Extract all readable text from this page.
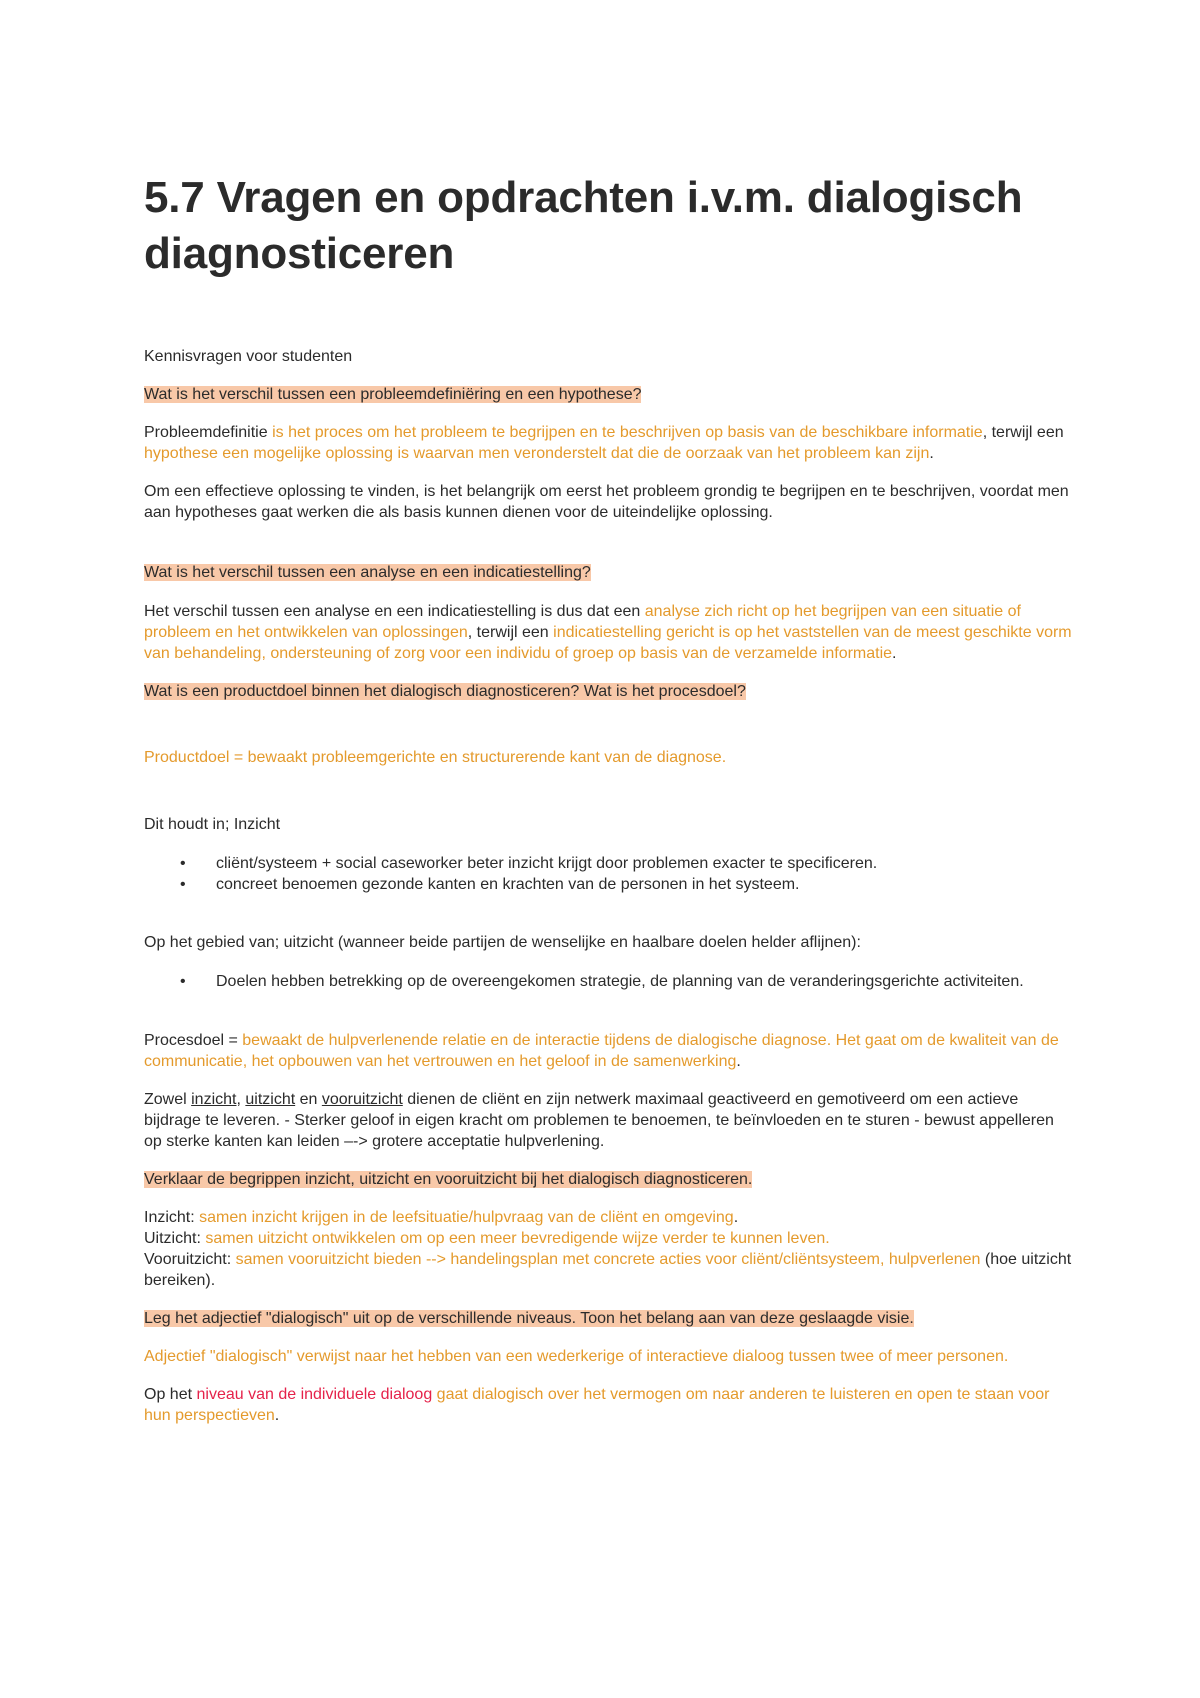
5.7 Vragen en opdrachten i.v.m. dialogisch diagnosticeren

Kennisvragen voor studenten

Wat is het verschil tussen een probleemdefiniëring en een hypothese?

Probleemdefinitie is het proces om het probleem te begrijpen en te beschrijven op basis van de beschikbare informatie, terwijl een hypothese een mogelijke oplossing is waarvan men veronderstelt dat die de oorzaak van het probleem kan zijn.

Om een effectieve oplossing te vinden, is het belangrijk om eerst het probleem grondig te begrijpen en te beschrijven, voordat men aan hypotheses gaat werken die als basis kunnen dienen voor de uiteindelijke oplossing.

Wat is het verschil tussen een analyse en een indicatiestelling?

Het verschil tussen een analyse en een indicatiestelling is dus dat een analyse zich richt op het begrijpen van een situatie of probleem en het ontwikkelen van oplossingen, terwijl een indicatiestelling gericht is op het vaststellen van de meest geschikte vorm van behandeling, ondersteuning of zorg voor een individu of groep op basis van de verzamelde informatie.

Wat is een productdoel binnen het dialogisch diagnosticeren? Wat is het procesdoel?

Productdoel = bewaakt probleemgerichte en structurerende kant van de diagnose.

Dit houdt in; Inzicht

• cliënt/systeem + social caseworker beter inzicht krijgt door problemen exacter te specificeren.
• concreet benoemen gezonde kanten en krachten van de personen in het systeem.

Op het gebied van; uitzicht (wanneer beide partijen de wenselijke en haalbare doelen helder aflijnen):

• Doelen hebben betrekking op de overeengekomen strategie, de planning van de veranderingsgerichte activiteiten.

Procesdoel = bewaakt de hulpverlenende relatie en de interactie tijdens de dialogische diagnose. Het gaat om de kwaliteit van de communicatie, het opbouwen van het vertrouwen en het geloof in de samenwerking.

Zowel inzicht, uitzicht en vooruitzicht dienen de cliënt en zijn netwerk maximaal geactiveerd en gemotiveerd om een actieve bijdrage te leveren. - Sterker geloof in eigen kracht om problemen te benoemen, te beïnvloeden en te sturen - bewust appelleren op sterke kanten kan leiden –-> grotere acceptatie hulpverlening.

Verklaar de begrippen inzicht, uitzicht en vooruitzicht bij het dialogisch diagnosticeren.

Inzicht: samen inzicht krijgen in de leefsituatie/hulpvraag van de cliënt en omgeving.
Uitzicht: samen uitzicht ontwikkelen om op een meer bevredigende wijze verder te kunnen leven.
Vooruitzicht: samen vooruitzicht bieden --> handelingsplan met concrete acties voor cliënt/cliëntsysteem, hulpverlenen (hoe uitzicht bereiken).

Leg het adjectief "dialogisch" uit op de verschillende niveaus. Toon het belang aan van deze geslaagde visie.

Adjectief "dialogisch" verwijst naar het hebben van een wederkerige of interactieve dialoog tussen twee of meer personen.

Op het niveau van de individuele dialoog gaat dialogisch over het vermogen om naar anderen te luisteren en open te staan voor hun perspectieven.
